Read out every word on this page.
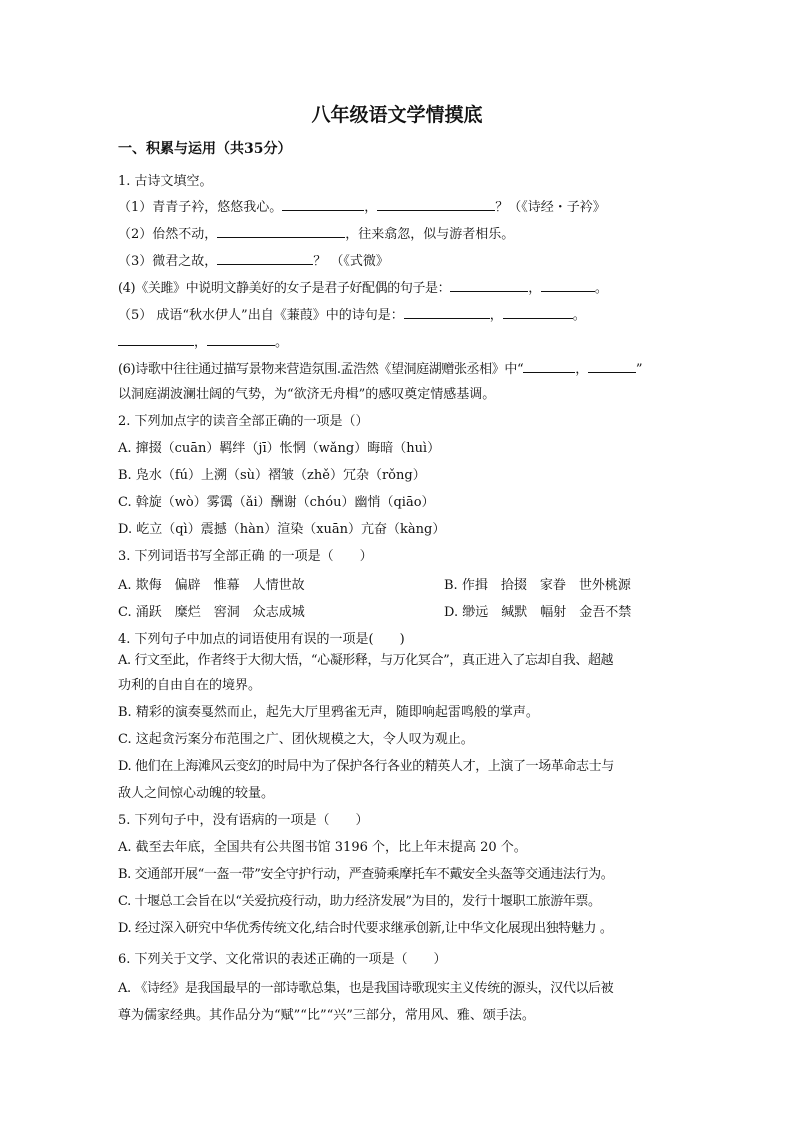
八年级语文学情摸底
一、积累与运用（共35分）
1. 古诗文填空。
（1）青青子衿，悠悠我心。	，	？（《诗经・子衿》
（2）佁然不动，	，往来翕忽，似与游者相乐。
（3）微君之故，	？ （《式微》
(4)《关雎》中说明文静美好的女子是君子好配偶的句子是：	，	。
（5） 成语“秋水伊人”出自《蒹葭》中的诗句是：	，	。
，	。
(6)诗歌中往往通过描写景物来营造氛围.孟浩然《望洞庭湖赠张丞相》中“	，	”
以洞庭湖波澜壮阔的气势，为“欲济无舟楫”的感叹奠定情感基调。
2. 下列加点字的读音全部正确的一项是（）
A. 撺掇（cuān）羁绊（jī）怅惘（wǎng）晦暗（huì）
B. 凫水（fú）上溯（sù）褶皱（zhě）冗杂（rǒng）
C. 斡旋（wò）雾霭（ǎi）酬谢（chóu）幽悄（qiāo）
D. 屹立（qì）震撼（hàn）渲染（xuān）亢奋（kàng）
3. 下列词语书写全部正确 的一项是（　　）
A. 欺侮　偏辟　惟幕　人情世故	B. 作揖　拾掇　家眷　世外桃源
C. 涌跃　糜烂　窖洞　众志成城	D. 缈远　缄默　幅射　金吾不禁
4. 下列句子中加点的词语使用有误的一项是(　　)
A. 行文至此，作者终于大彻大悟，“心凝形释，与万化冥合”，真正进入了忘却自我、超越
功利的自由自在的境界。
B. 精彩的演奏戛然而止，起先大厅里鸦雀无声，随即响起雷鸣般的掌声。
C. 这起贪污案分布范围之广、团伙规模之大，令人叹为观止。
D. 他们在上海滩风云变幻的时局中为了保护各行各业的精英人才，上演了一场革命志士与
敌人之间惊心动魄的较量。
5. 下列句子中，没有语病的一项是（　　）
A. 截至去年底，全国共有公共图书馆 3196 个，比上年末提高 20 个。
B. 交通部开展“一盔一带”安全守护行动，严查骑乘摩托车不戴安全头盔等交通违法行为。
C. 十堰总工会旨在以“关爱抗疫行动，助力经济发展”为目的，发行十堰职工旅游年票。
D. 经过深入研究中华优秀传统文化,结合时代要求继承创新,让中华文化展现出独特魅力 。
6. 下列关于文学、文化常识的表述正确的一项是（　　）
A. 《诗经》是我国最早的一部诗歌总集，也是我国诗歌现实主义传统的源头，汉代以后被
尊为儒家经典。其作品分为“赋”“比”“兴”三部分，常用风、雅、颂手法。
